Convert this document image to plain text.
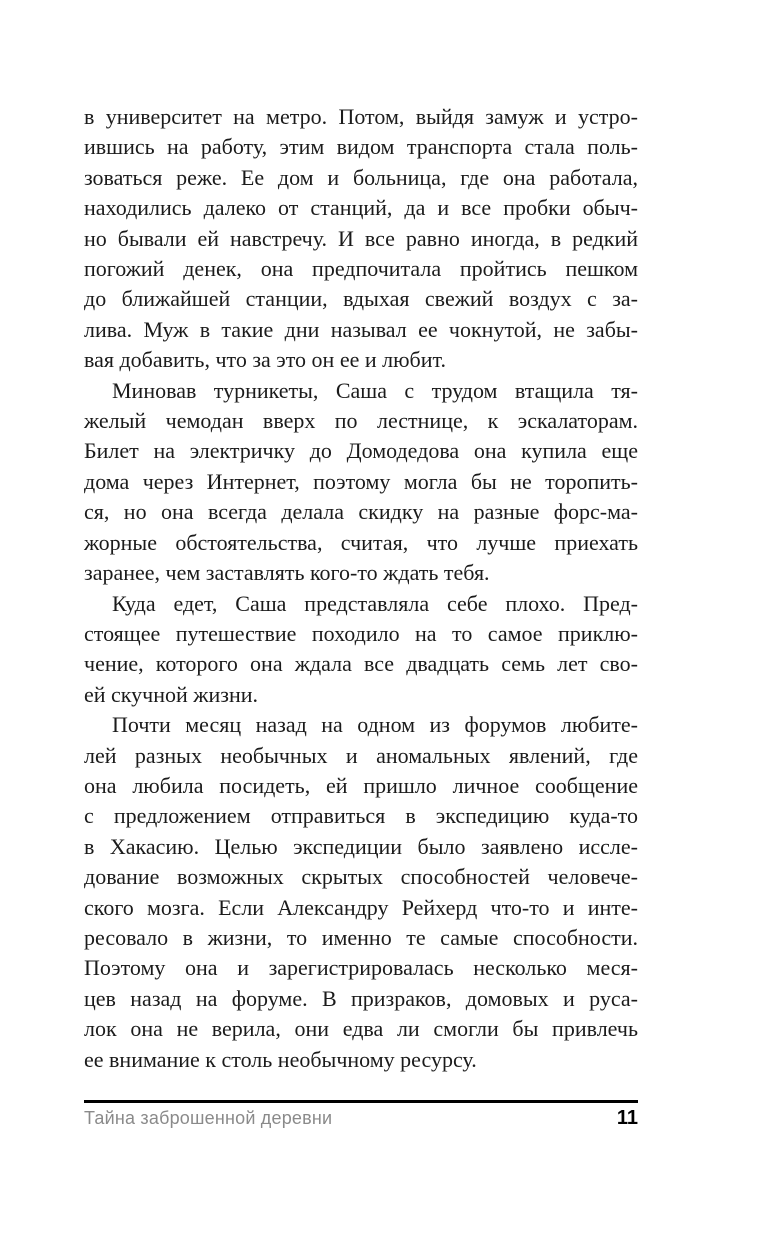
в университет на метро. Потом, выйдя замуж и устро-
ившись на работу, этим видом транспорта стала поль-
зоваться реже. Ее дом и больница, где она работала,
находились далеко от станций, да и все пробки обыч-
но бывали ей навстречу. И все равно иногда, в редкий
погожий денек, она предпочитала пройтись пешком
до ближайшей станции, вдыхая свежий воздух с за-
лива. Муж в такие дни называл ее чокнутой, не забы-
вая добавить, что за это он ее и любит.
Миновав турникеты, Саша с трудом втащила тя-
желый чемодан вверх по лестнице, к эскалаторам.
Билет на электричку до Домодедова она купила еще
дома через Интернет, поэтому могла бы не торопить-
ся, но она всегда делала скидку на разные форс-ма-
жорные обстоятельства, считая, что лучше приехать
заранее, чем заставлять кого-то ждать тебя.
Куда едет, Саша представляла себе плохо. Пред-
стоящее путешествие походило на то самое приклю-
чение, которого она ждала все двадцать семь лет сво-
ей скучной жизни.
Почти месяц назад на одном из форумов любите-
лей разных необычных и аномальных явлений, где
она любила посидеть, ей пришло личное сообщение
с предложением отправиться в экспедицию куда-то
в Хакасию. Целью экспедиции было заявлено иссле-
дование возможных скрытых способностей человече-
ского мозга. Если Александру Рейхерд что-то и инте-
ресовало в жизни, то именно те самые способности.
Поэтому она и зарегистрировалась несколько меся-
цев назад на форуме. В призраков, домовых и руса-
лок она не верила, они едва ли смогли бы привлечь
ее внимание к столь необычному ресурсу.
Тайна заброшенной деревни	11
